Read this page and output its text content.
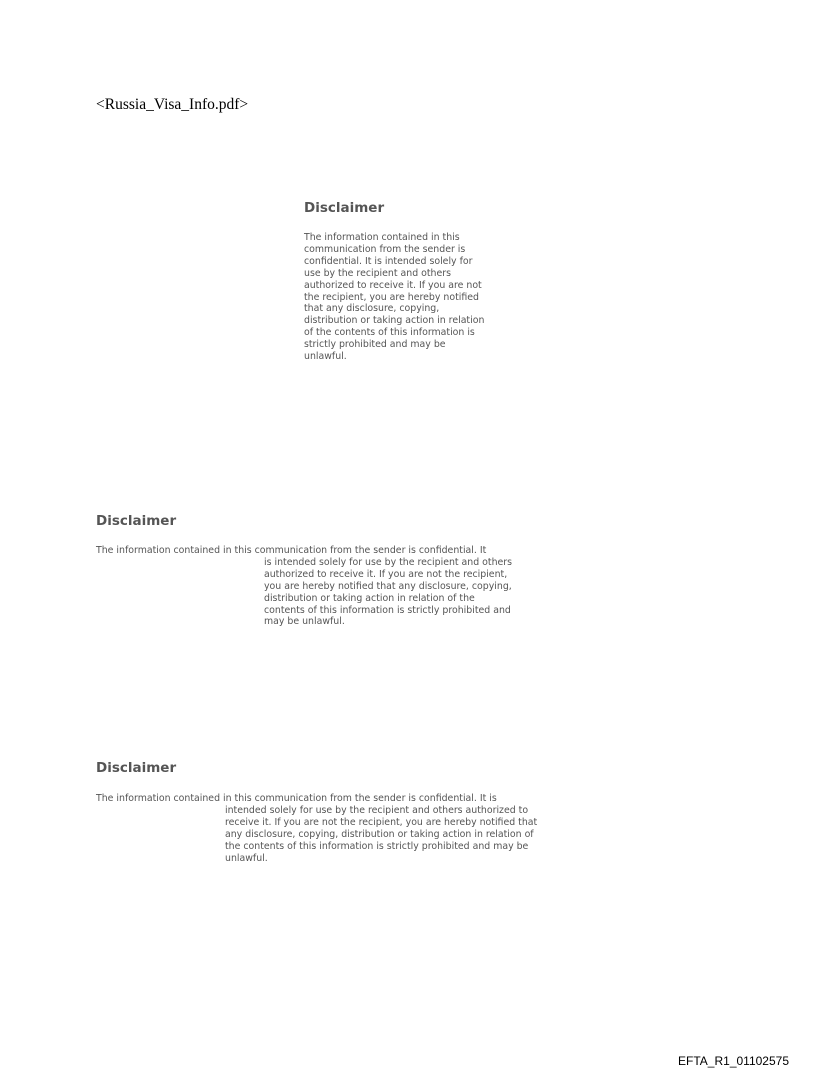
<Russia_Visa_Info.pdf>
Disclaimer
The information contained in this
communication from the sender is
confidential. It is intended solely for
use by the recipient and others
authorized to receive it. If you are not
the recipient, you are hereby notified
that any disclosure, copying,
distribution or taking action in relation
of the contents of this information is
strictly prohibited and may be
unlawful.
Disclaimer
The information contained in this communication from the sender is confidential. It
is intended solely for use by the recipient and others
authorized to receive it. If you are not the recipient,
you are hereby notified that any disclosure, copying,
distribution or taking action in relation of the
contents of this information is strictly prohibited and
may be unlawful.
Disclaimer
The information contained in this communication from the sender is confidential. It is
intended solely for use by the recipient and others authorized to
receive it. If you are not the recipient, you are hereby notified that
any disclosure, copying, distribution or taking action in relation of
the contents of this information is strictly prohibited and may be
unlawful.
EFTA_R1_01102575
